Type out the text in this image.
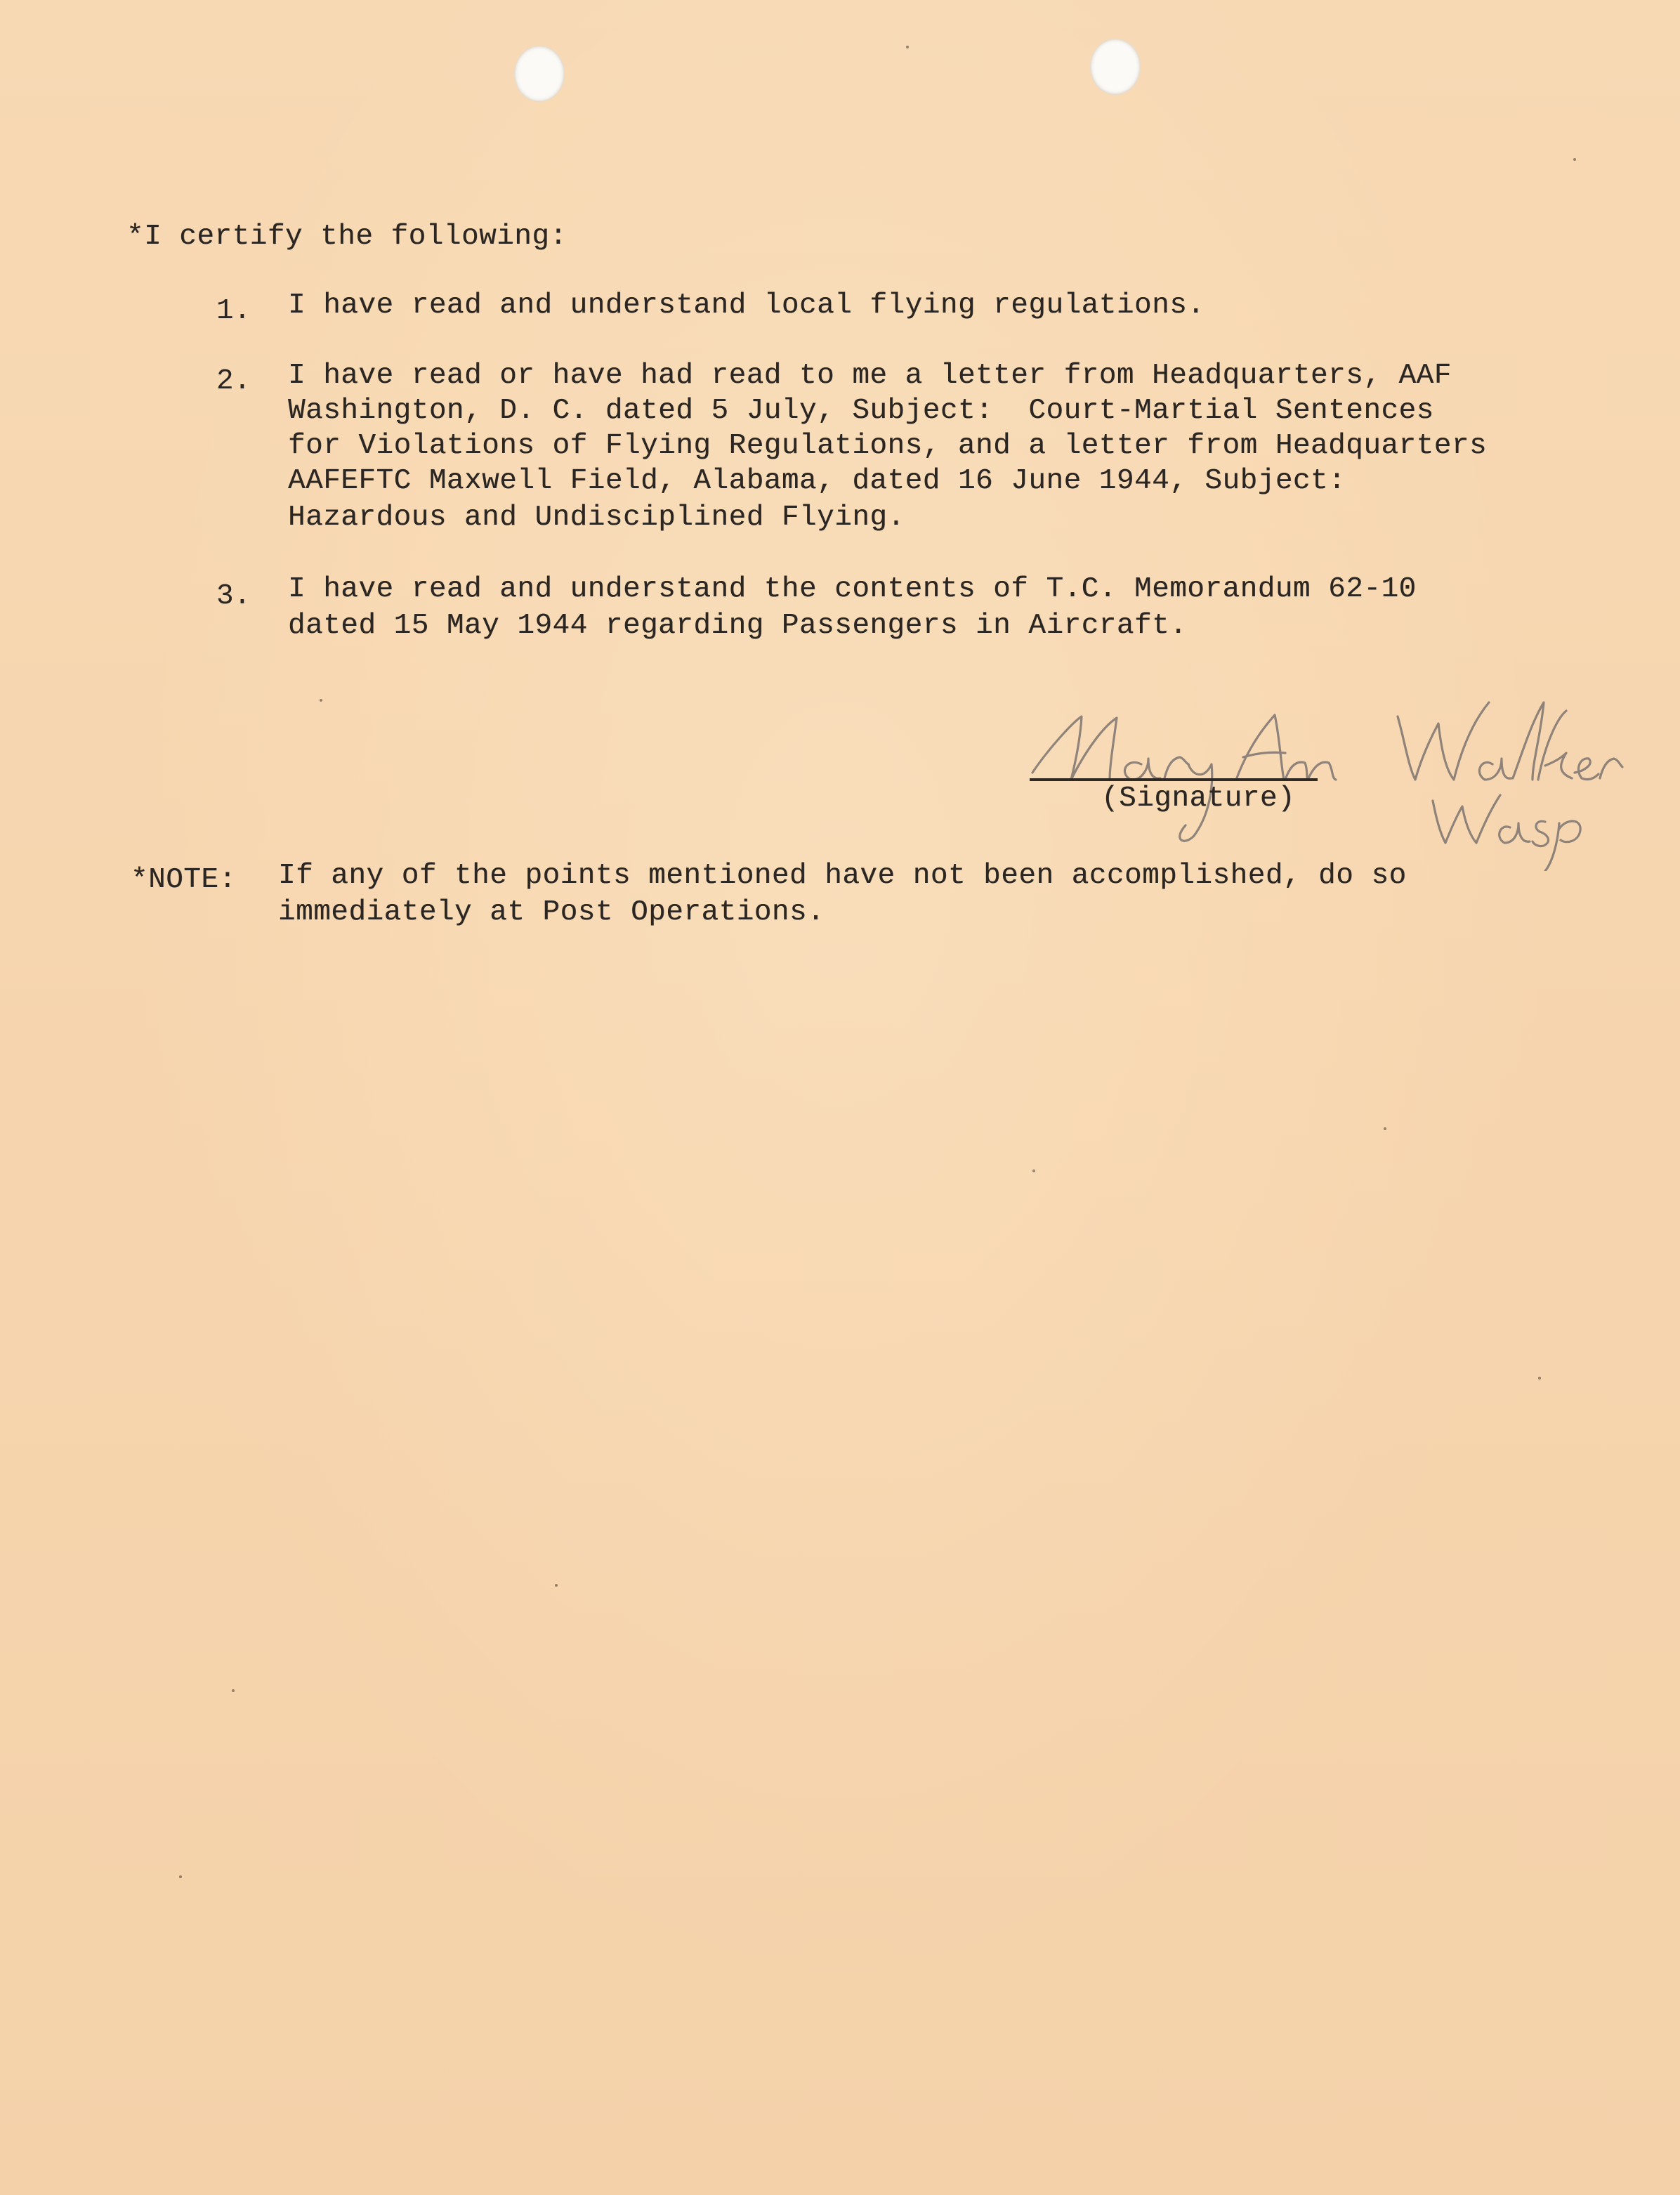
*I certify the following:
1. I have read and understand local flying regulations.
2. I have read or have had read to me a letter from Headquarters, AAF
Washington, D. C. dated 5 July, Subject:  Court-Martial Sentences
for Violations of Flying Regulations, and a letter from Headquarters
AAFEFTC Maxwell Field, Alabama, dated 16 June 1944, Subject:
Hazardous and Undisciplined Flying.
3. I have read and understand the contents of T.C. Memorandum 62-10
dated 15 May 1944 regarding Passengers in Aircraft.
(Signature)
*NOTE: If any of the points mentioned have not been accomplished, do so
immediately at Post Operations.
